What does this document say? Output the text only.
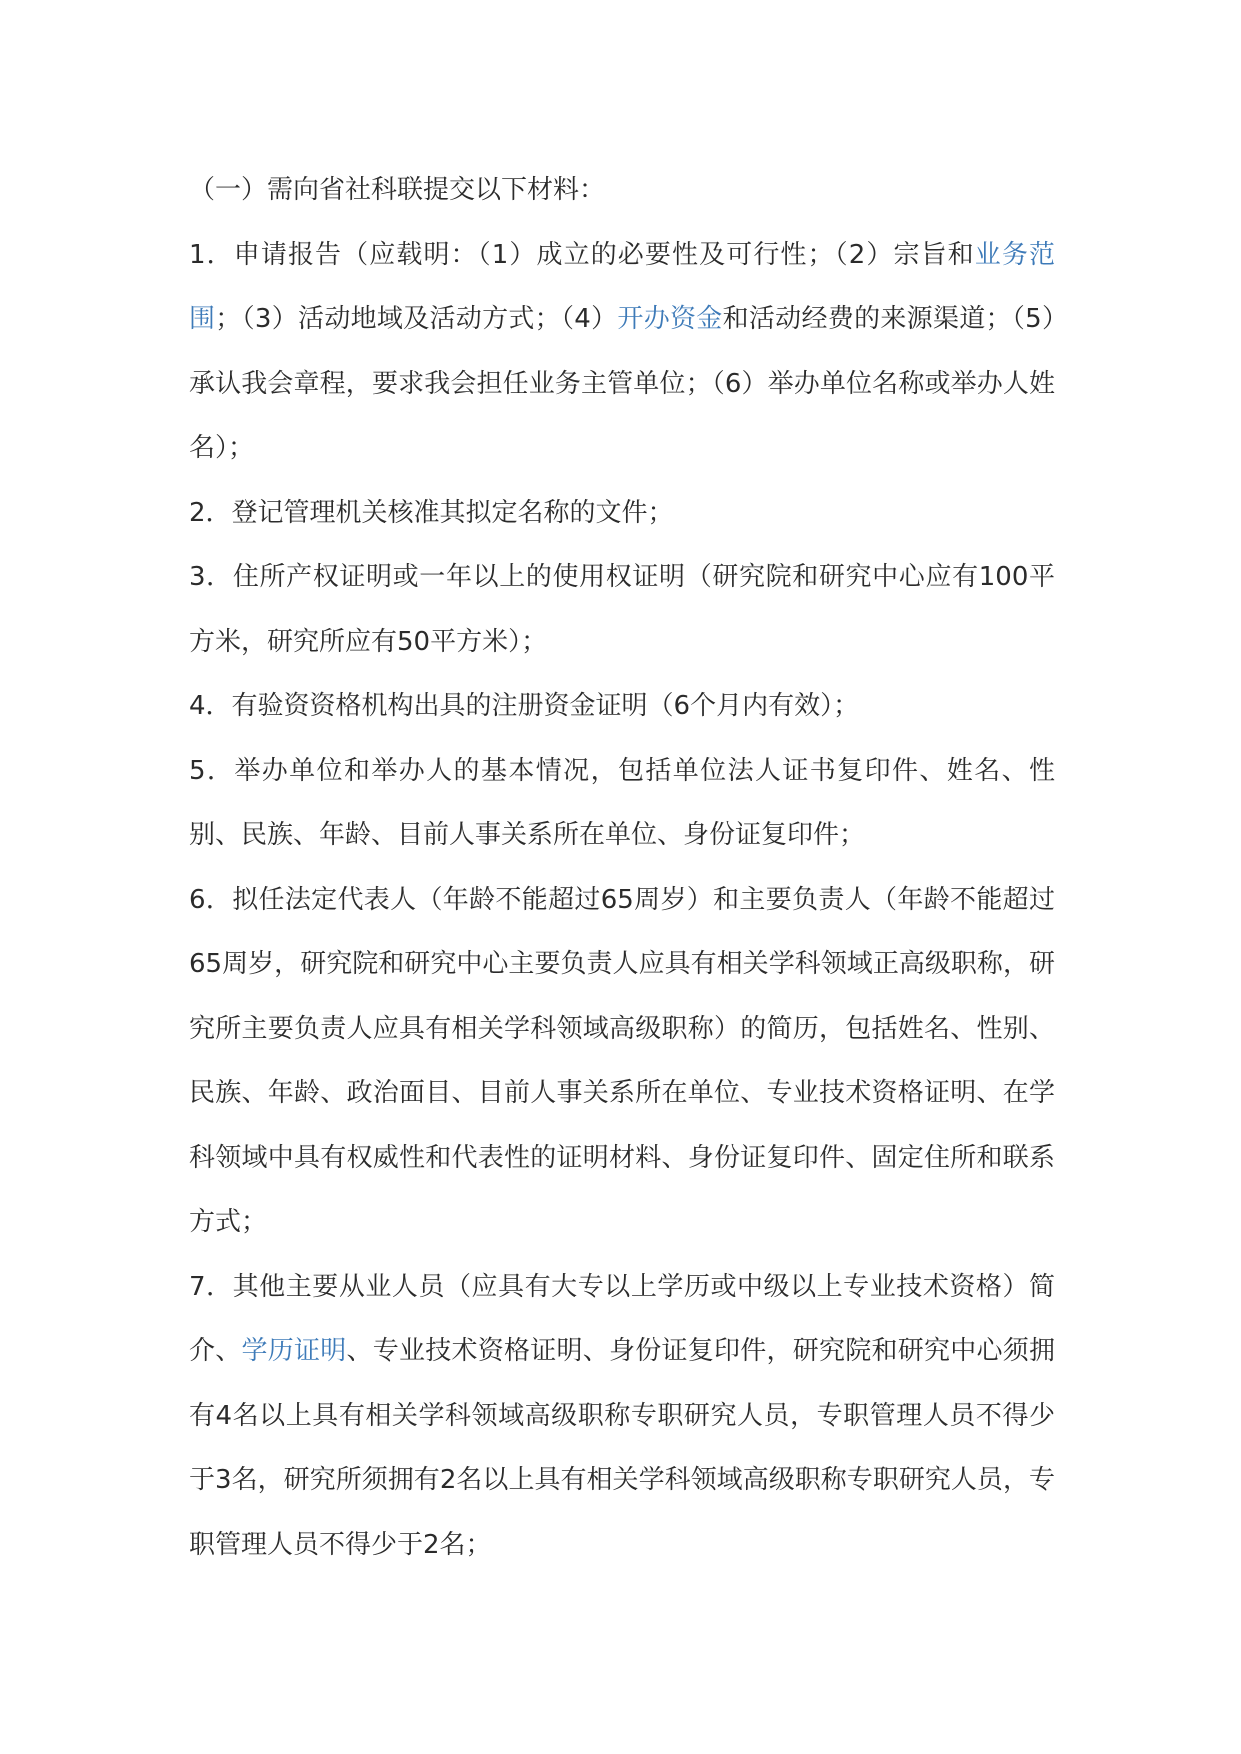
（一）需向省社科联提交以下材料：

1．申请报告（应载明：（1）成立的必要性及可行性；（2）宗旨和业务范围；（3）活动地域及活动方式；（4）开办资金和活动经费的来源渠道；（5）承认我会章程，要求我会担任业务主管单位；（6）举办单位名称或举办人姓名）；

2．登记管理机关核准其拟定名称的文件；

3．住所产权证明或一年以上的使用权证明（研究院和研究中心应有100平方米，研究所应有50平方米）；

4．有验资资格机构出具的注册资金证明（6个月内有效）；

5．举办单位和举办人的基本情况，包括单位法人证书复印件、姓名、性别、民族、年龄、目前人事关系所在单位、身份证复印件；

6．拟任法定代表人（年龄不能超过65周岁）和主要负责人（年龄不能超过65周岁，研究院和研究中心主要负责人应具有相关学科领域正高级职称，研究所主要负责人应具有相关学科领域高级职称）的简历，包括姓名、性别、民族、年龄、政治面目、目前人事关系所在单位、专业技术资格证明、在学科领域中具有权威性和代表性的证明材料、身份证复印件、固定住所和联系方式；

7．其他主要从业人员（应具有大专以上学历或中级以上专业技术资格）简介、学历证明、专业技术资格证明、身份证复印件，研究院和研究中心须拥有4名以上具有相关学科领域高级职称专职研究人员，专职管理人员不得少于3名，研究所须拥有2名以上具有相关学科领域高级职称专职研究人员，专职管理人员不得少于2名；
